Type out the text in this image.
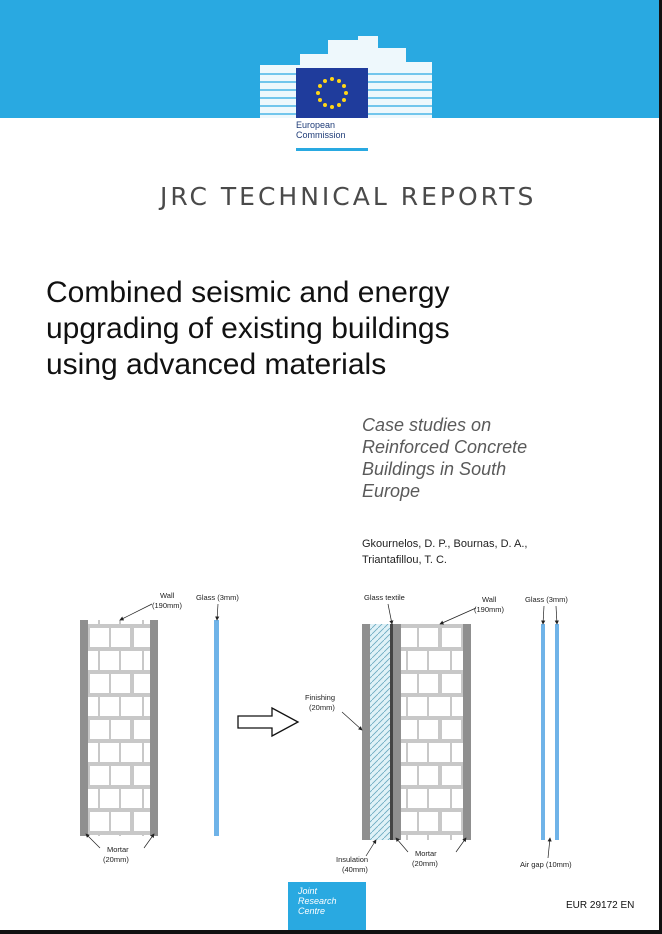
European
Commission
JRC TECHNICAL REPORTS
Combined seismic and energy
upgrading of existing buildings
using advanced materials
Case studies on
Reinforced Concrete
Buildings in South
Europe
Gkournelos, D. P., Bournas, D. A.,
Triantafillou, T. C.
Wall
(190mm)
Glass (3mm)
Mortar
(20mm)
Glass textile	Wall
(190mm)
Glass (3mm)
Finishing
(20mm)
Insulation
(40mm)
Mortar
(20mm)	Air gap (10mm)
Joint
Research
Centre	EUR 29172 EN
